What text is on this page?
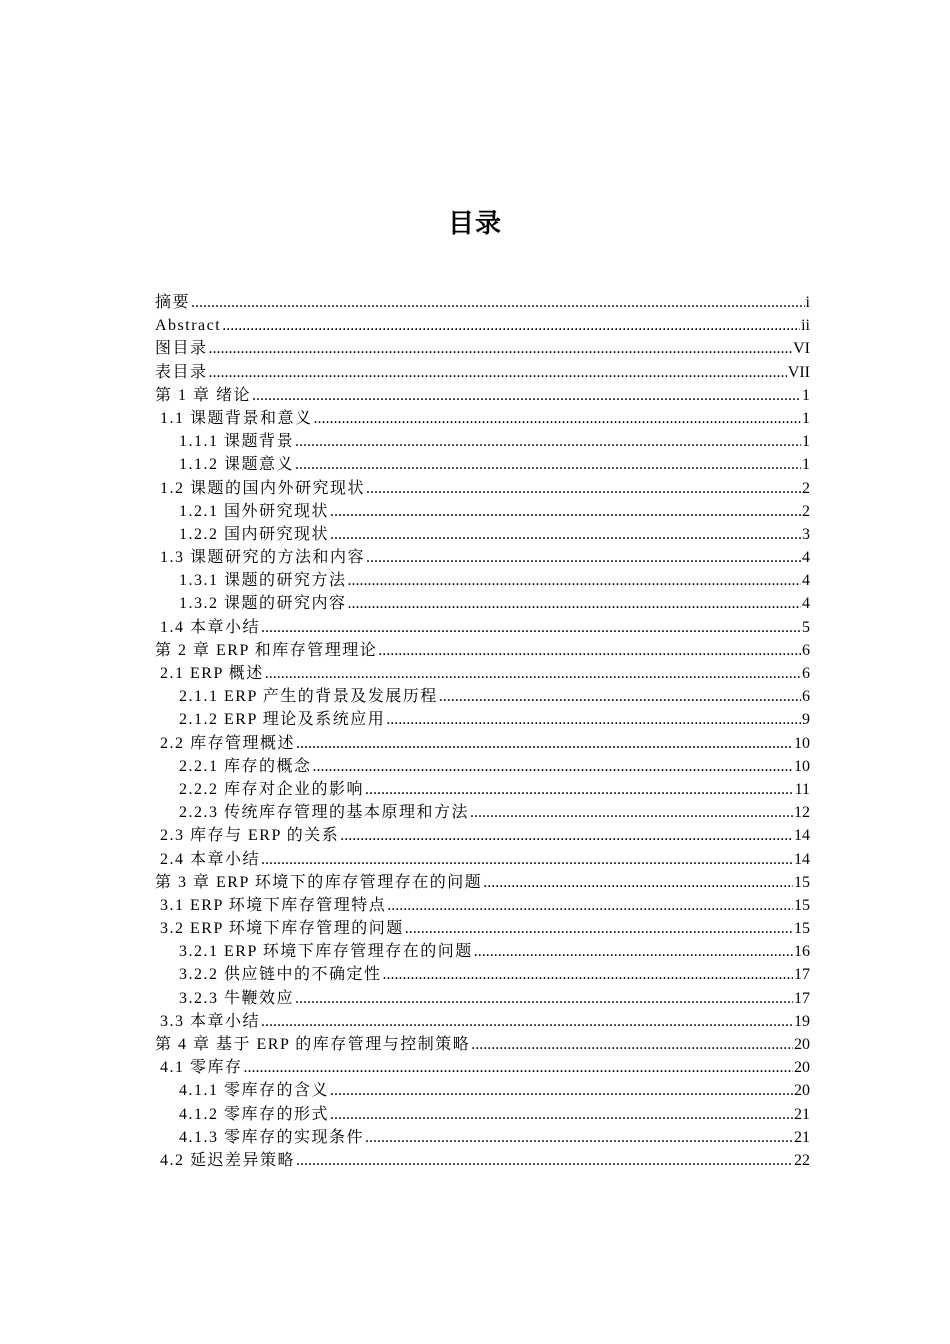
目录
摘要 .....	i
Abstract .....	ii
图目录 .....	VI
表目录 .....	VII
第 1 章 绪论 .....	1
1.1 课题背景和意义 .....	1
1.1.1 课题背景 .....	1
1.1.2 课题意义 .....	1
1.2 课题的国内外研究现状 .....	2
1.2.1 国外研究现状 .....	2
1.2.2 国内研究现状 .....	3
1.3 课题研究的方法和内容 .....	4
1.3.1 课题的研究方法 .....	4
1.3.2 课题的研究内容 .....	4
1.4 本章小结 .....	5
第 2 章 ERP 和库存管理理论 .....	6
2.1 ERP 概述 .....	6
2.1.1 ERP 产生的背景及发展历程 .....	6
2.1.2 ERP 理论及系统应用 .....	9
2.2 库存管理概述 .....	10
2.2.1 库存的概念 .....	10
2.2.2 库存对企业的影响 .....	11
2.2.3 传统库存管理的基本原理和方法 .....	12
2.3 库存与 ERP 的关系 .....	14
2.4 本章小结 .....	14
第 3 章 ERP 环境下的库存管理存在的问题 .....	15
3.1 ERP 环境下库存管理特点 .....	15
3.2 ERP 环境下库存管理的问题 .....	15
3.2.1 ERP 环境下库存管理存在的问题 .....	16
3.2.2 供应链中的不确定性 .....	17
3.2.3 牛鞭效应 .....	17
3.3 本章小结 .....	19
第 4 章 基于 ERP 的库存管理与控制策略 .....	20
4.1 零库存 .....	20
4.1.1 零库存的含义 .....	20
4.1.2 零库存的形式 .....	21
4.1.3 零库存的实现条件 .....	21
4.2 延迟差异策略 .....	22
